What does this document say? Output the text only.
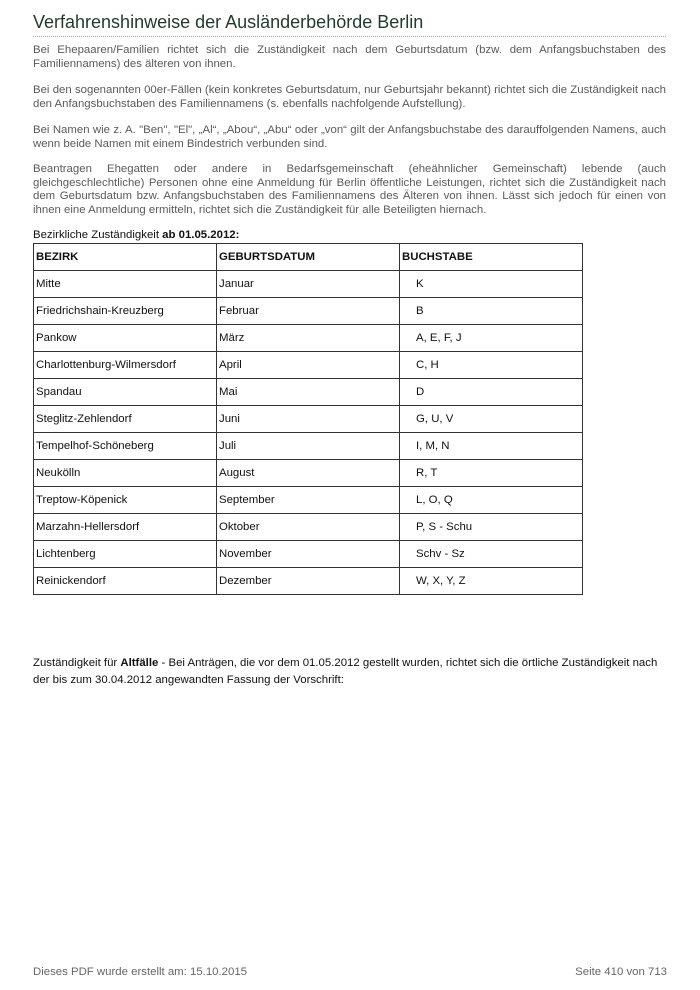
Verfahrenshinweise der Ausländerbehörde Berlin

Bei Ehepaaren/Familien richtet sich die Zuständigkeit nach dem Geburtsdatum (bzw. dem Anfangsbuchstaben des Familiennamens) des älteren von ihnen.

Bei den sogenannten 00er-Fällen (kein konkretes Geburtsdatum, nur Geburtsjahr bekannt) richtet sich die Zuständigkeit nach den Anfangsbuchstaben des Familiennamens (s. ebenfalls nachfolgende Aufstellung).

Bei Namen wie z. A. "Ben", "El", „Al“, „Abou“, „Abu“ oder „von“ gilt der Anfangsbuchstabe des darauffolgenden Namens, auch wenn beide Namen mit einem Bindestrich verbunden sind.

Beantragen Ehegatten oder andere in Bedarfsgemeinschaft (eheähnlicher Gemeinschaft) lebende (auch gleichgeschlechtliche) Personen ohne eine Anmeldung für Berlin öffentliche Leistungen, richtet sich die Zuständigkeit nach dem Geburtsdatum bzw. Anfangsbuchstaben des Familiennamens des Älteren von ihnen. Lässt sich jedoch für einen von ihnen eine Anmeldung ermitteln, richtet sich die Zuständigkeit für alle Beteiligten hiernach.

Bezirkliche Zuständigkeit ab 01.05.2012:

BEZIRK	GEBURTSDATUM	BUCHSTABE
Mitte	Januar	K
Friedrichshain-Kreuzberg	Februar	B
Pankow	März	A, E, F, J
Charlottenburg-Wilmersdorf	April	C, H
Spandau	Mai	D
Steglitz-Zehlendorf	Juni	G, U, V
Tempelhof-Schöneberg	Juli	I, M, N
Neukölln	August	R, T
Treptow-Köpenick	September	L, O, Q
Marzahn-Hellersdorf	Oktober	P, S - Schu
Lichtenberg	November	Schv - Sz
Reinickendorf	Dezember	W, X, Y, Z

Zuständigkeit für Altfälle - Bei Anträgen, die vor dem 01.05.2012 gestellt wurden, richtet sich die örtliche Zuständigkeit nach der bis zum 30.04.2012 angewandten Fassung der Vorschrift:

Dieses PDF wurde erstellt am: 15.10.2015	Seite 410 von 713
